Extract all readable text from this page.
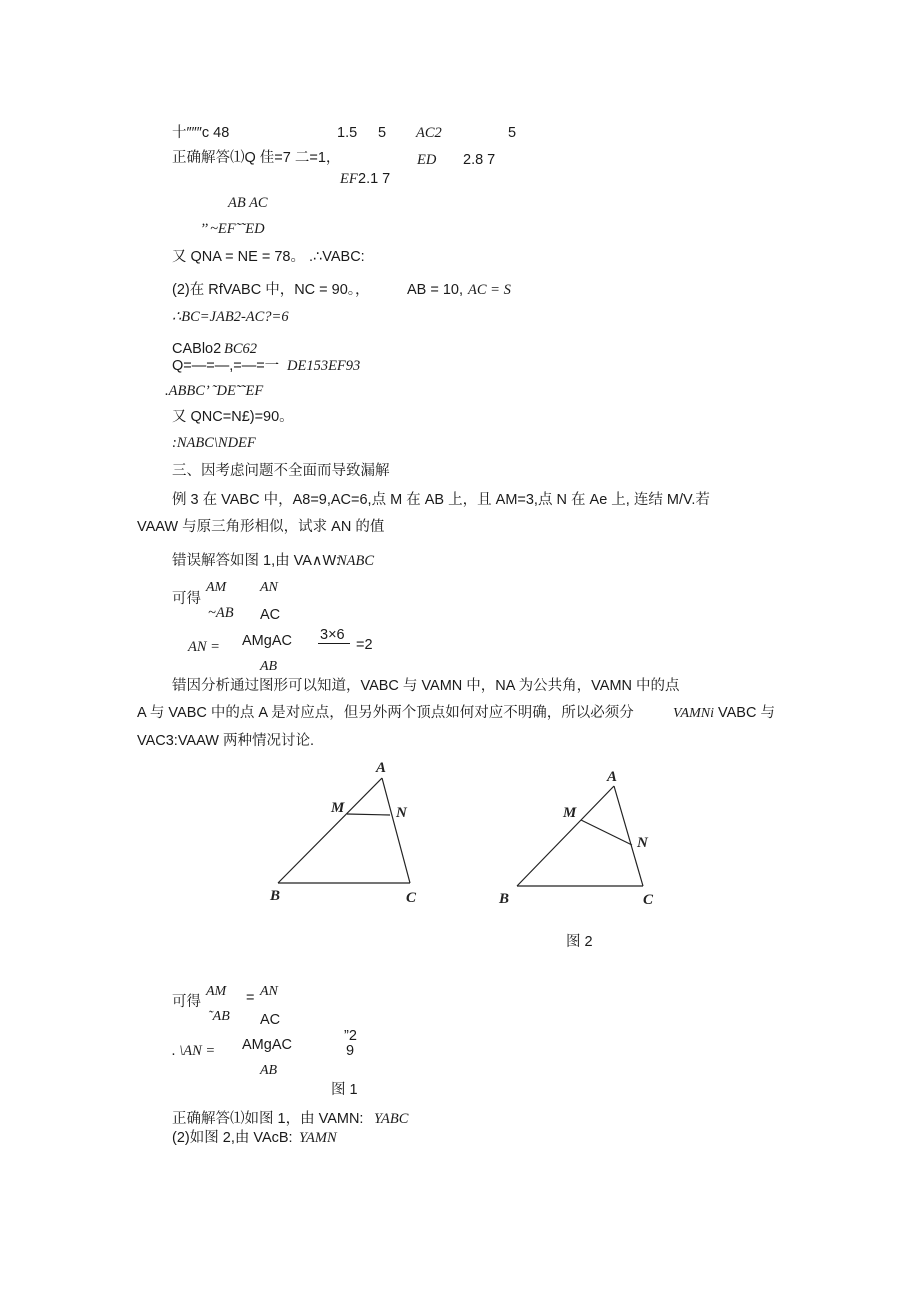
十″″″c 48	1.5 5 AC2	5
正确解答⑴Q 佳=7 二=1，	ED 2.8 7
EF 2.1 7
AB AC
’’ ~EF˜˜ED
又 QNA = NE = 78。 .∴VABC:
(2)在 RfVABC 中，NC = 90。，	AB = 10, AC = S
∴BC=JAB2-AC?=6
CABlo2 BC62
Q=—=—,=—=一 DE153EF93
.ABBC’ ˜DE˜˜EF
又 QNC=N£)=90。
:NABC\NDEF
三、因考虑问题不全面而导致漏解
例 3 在 VABC 中，A8=9,AC=6,点 M 在 AB 上，且 AM=3,点 N 在 Ae 上, 连结 M/V.若
VAAW 与原三角形相似，试求 AN 的值
错误解答如图 1,由 VA∧W:
NABC
AM AN
可得
~AB AC
AN = AMgAC 3×6
=2
AB
错因分析通过图形可以知道，VABC 与 VAMN 中，NA 为公共角，VAMN 中的点
A 与 VABC 中的点 A 是对应点，但另外两个顶点如何对应不明确，所以必须分	VAMNi VABC 与
VAC3:VAAW 两种情况讨论.
A
M	N
B	C
A
M
N
B	C
图 2
AM AN
可得
˜AB
=
AC
. \AN = AMgAC
”2
9
AB
图 1
正确解答⑴如图 1，由 VAMN: YABC
(2)如图 2,由 VAcB: YAMN
